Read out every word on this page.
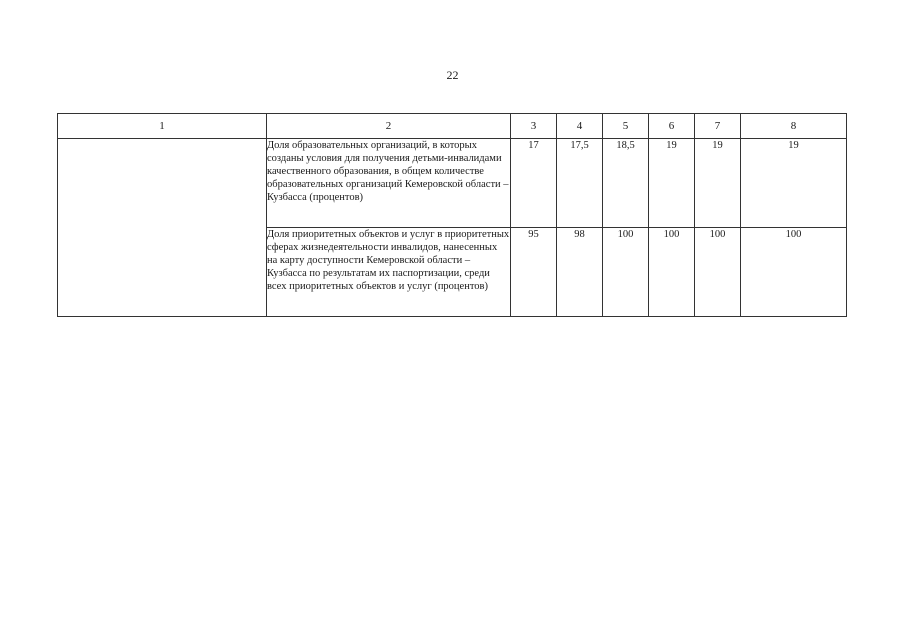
22
1	2	3	4	5	6	7	8
	Доля образовательных организаций, в которых созданы условия для получения детьми-инвалидами качественного образования, в общем количестве образовательных организаций Кемеровской области – Кузбасса (процентов)	17	17,5	18,5	19	19	19
	Доля приоритетных объектов и услуг в приоритетных сферах жизнедеятельности инвалидов, нанесенных на карту доступности Кемеровской области – Кузбасса по результатам их паспортизации, среди всех приоритетных объектов и услуг (процентов)	95	98	100	100	100	100
